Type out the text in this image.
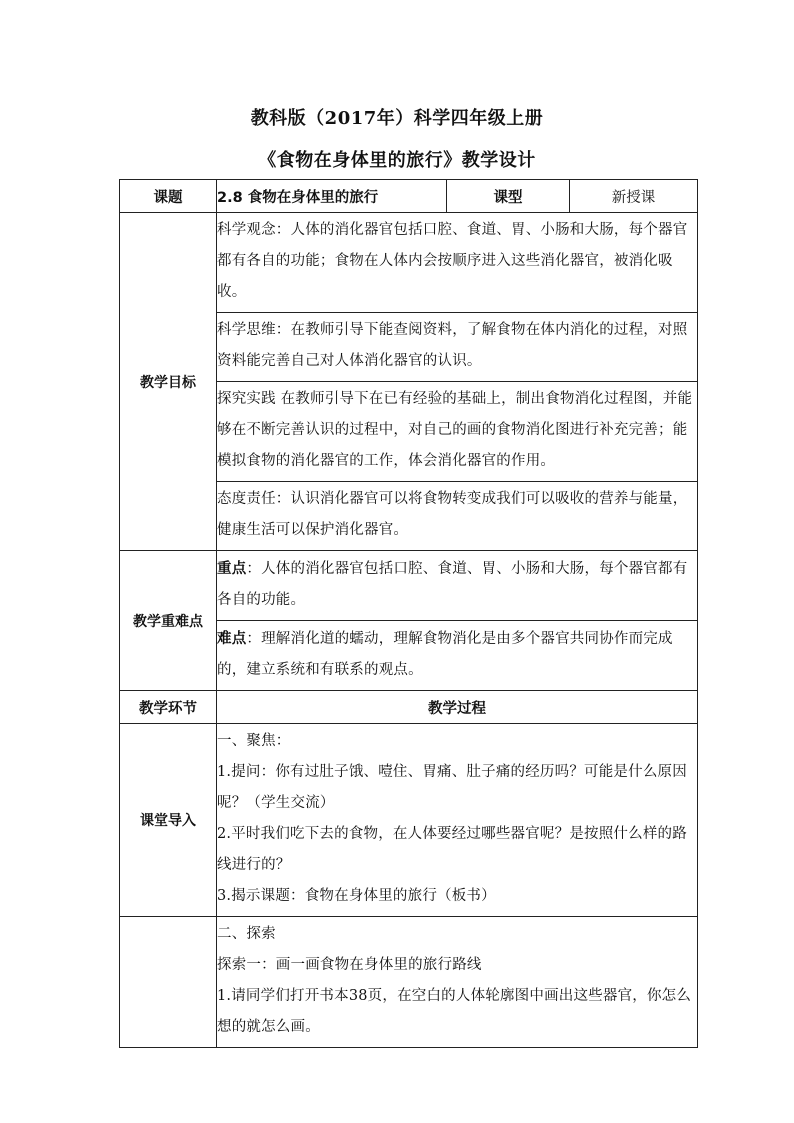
教科版（2017年）科学四年级上册
《食物在身体里的旅行》教学设计
课题	2.8 食物在身体里的旅行	课型	新授课
教学目标	科学观念：人体的消化器官包括口腔、食道、胃、小肠和大肠，每个器官都有各自的功能；食物在人体内会按顺序进入这些消化器官，被消化吸收。		
	科学思维：在教师引导下能查阅资料，了解食物在体内消化的过程，对照资料能完善自己对人体消化器官的认识。		
	探究实践 在教师引导下在已有经验的基础上，制出食物消化过程图，并能够在不断完善认识的过程中，对自己的画的食物消化图进行补充完善；能模拟食物的消化器官的工作，体会消化器官的作用。		
	态度责任：认识消化器官可以将食物转变成我们可以吸收的营养与能量，健康生活可以保护消化器官。		
教学重难点	重点：人体的消化器官包括口腔、食道、胃、小肠和大肠，每个器官都有各自的功能。		
	难点：理解消化道的蠕动，理解食物消化是由多个器官共同协作而完成的，建立系统和有联系的观点。		
教学环节	教学过程		
课堂导入	一、聚焦：

1.提问：你有过肚子饿、噎住、胃痛、肚子痛的经历吗？可能是什么原因呢？（学生交流）

2.平时我们吃下去的食物，在人体要经过哪些器官呢？是按照什么样的路线进行的？

3.揭示课题：食物在身体里的旅行（板书）		

	二、探索

探索一：画一画食物在身体里的旅行路线

1.请同学们打开书本38页，在空白的人体轮廓图中画出这些器官，你怎么想的就怎么画。		
